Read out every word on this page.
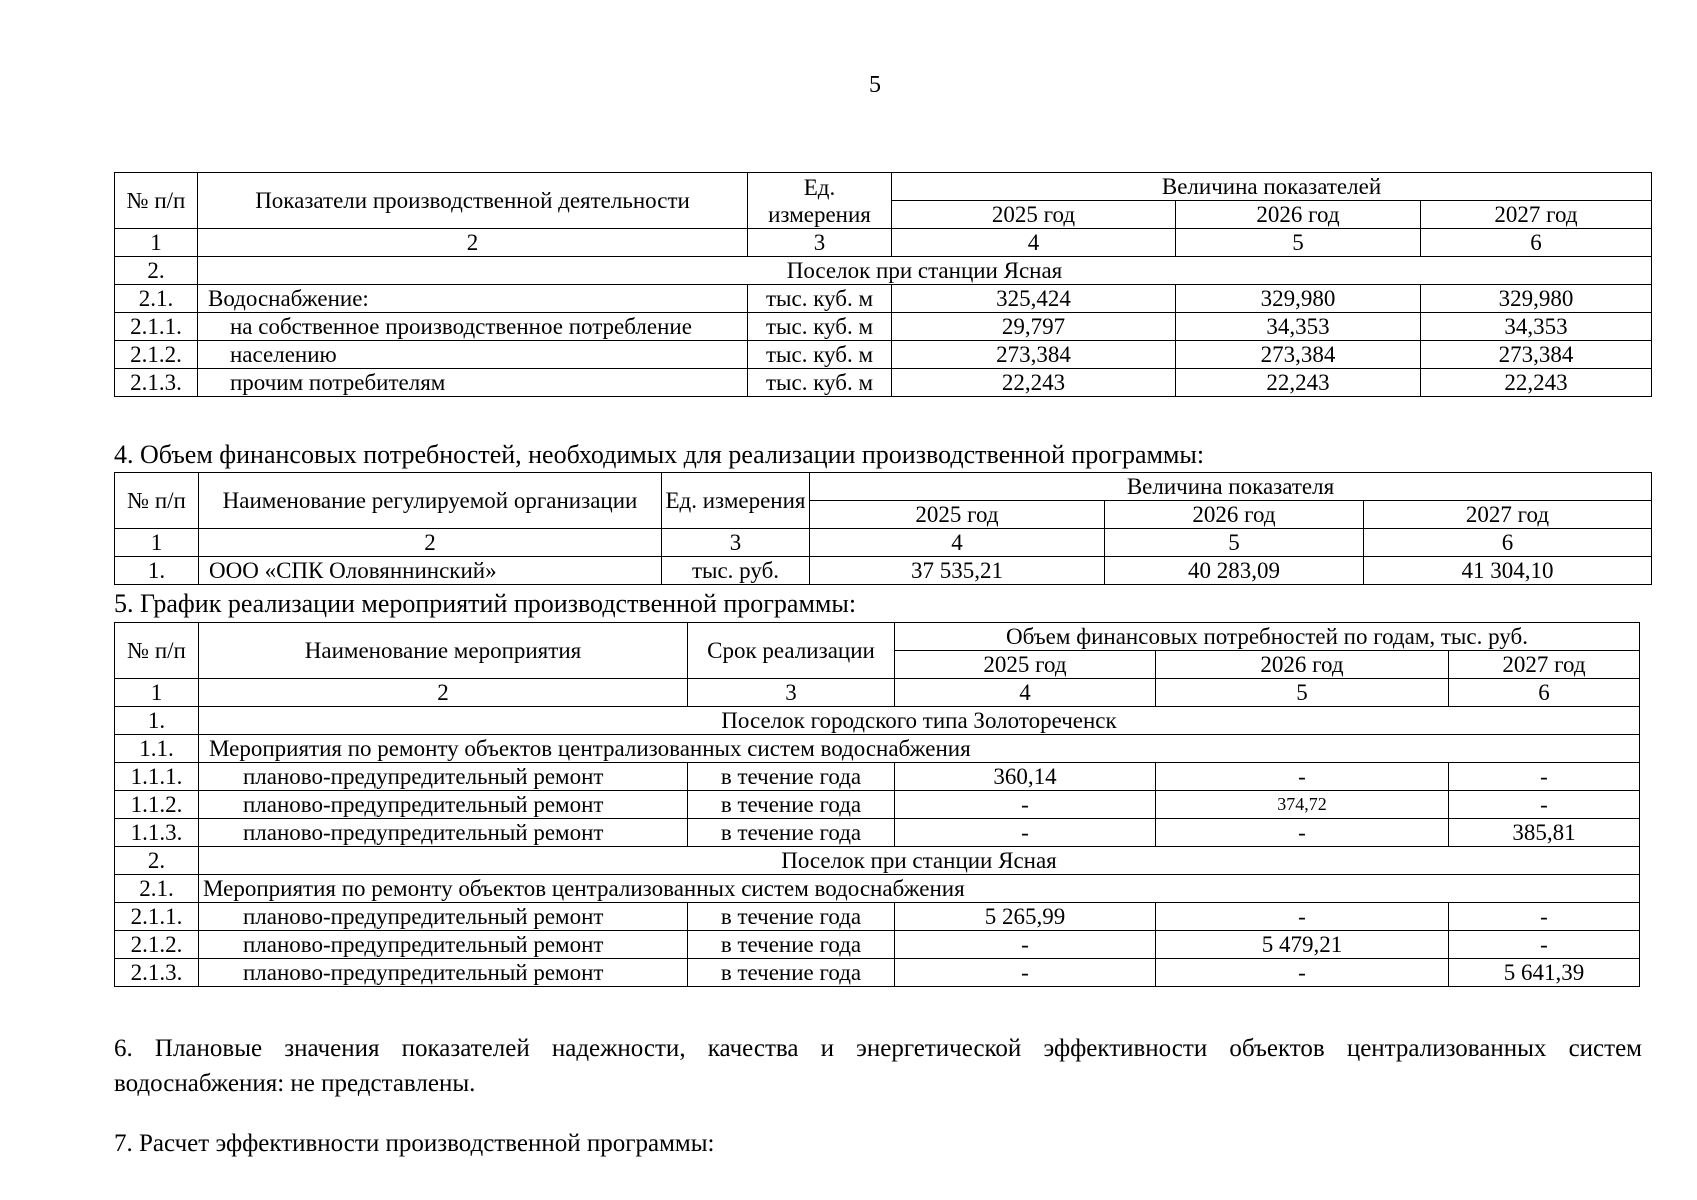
5
№ п/п	Показатели производственной деятельности	Ед. измерения	Величина показателей		
			2025 год	2026 год	2027 год
1	2	3	4	5	6
2.	Поселок при станции Ясная				
2.1.	Водоснабжение:	тыс. куб. м	325,424	329,980	329,980
2.1.1.	на собственное производственное потребление	тыс. куб. м	29,797	34,353	34,353
2.1.2.	населению	тыс. куб. м	273,384	273,384	273,384
2.1.3.	прочим потребителям	тыс. куб. м	22,243	22,243	22,243
4. Объем финансовых потребностей, необходимых для реализации производственной программы:
№ п/п	Наименование регулируемой организации	Ед. измерения	Величина показателя		
			2025 год	2026 год	2027 год
1	2	3	4	5	6
1.	ООО «СПК Оловяннинский»	тыс. руб.	37 535,21	40 283,09	41 304,10
5. График реализации мероприятий производственной программы:
№ п/п	Наименование мероприятия	Срок реализации	Объем финансовых потребностей по годам, тыс. руб.		
			2025 год	2026 год	2027 год
1	2	3	4	5	6
1.	Поселок городского типа Золотореченск				
1.1.	Мероприятия по ремонту объектов централизованных систем водоснабжения				
1.1.1.	планово-предупредительный ремонт	в течение года	360,14	-	-
1.1.2.	планово-предупредительный ремонт	в течение года	-	374,72	-
1.1.3.	планово-предупредительный ремонт	в течение года	-	-	385,81
2.	Поселок при станции Ясная				
2.1.	Мероприятия по ремонту объектов централизованных систем водоснабжения				
2.1.1.	планово-предупредительный ремонт	в течение года	5 265,99	-	-
2.1.2.	планово-предупредительный ремонт	в течение года	-	5 479,21	-
2.1.3.	планово-предупредительный ремонт	в течение года	-	-	5 641,39
6. Плановые значения показателей надежности, качества и энергетической эффективности объектов централизованных систем водоснабжения: не представлены.
7. Расчет эффективности производственной программы:
